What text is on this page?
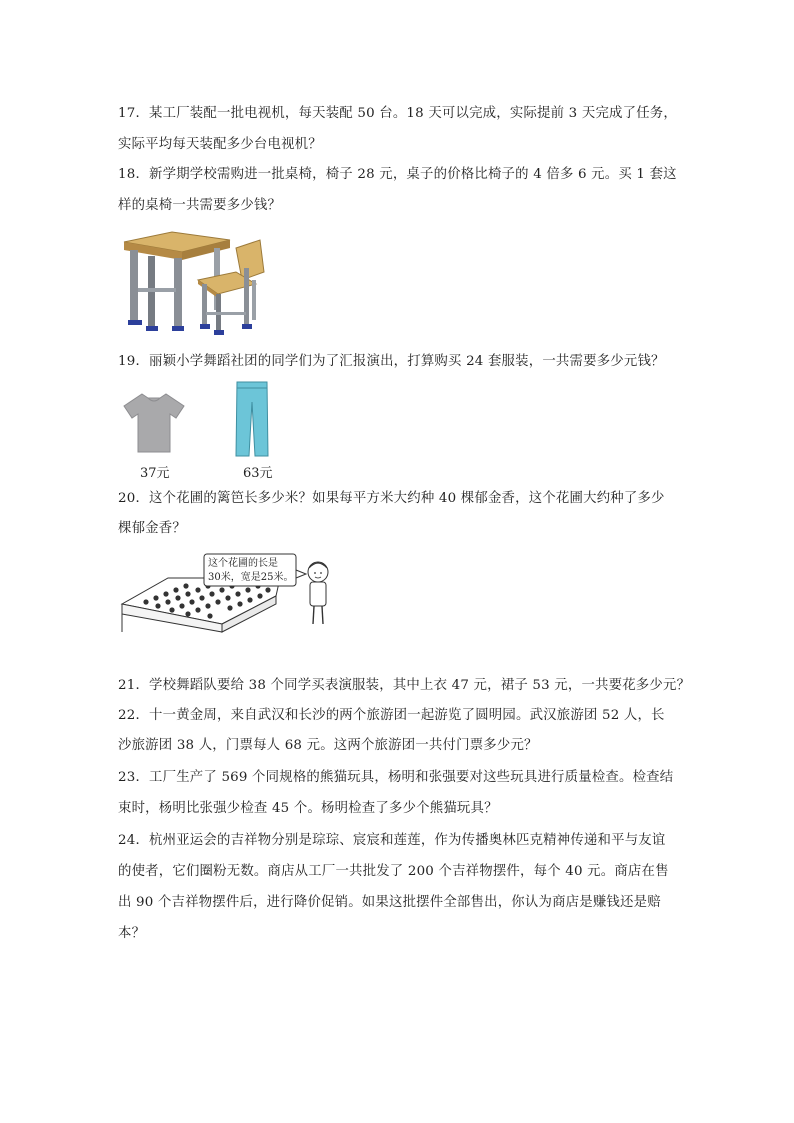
17．某工厂装配一批电视机，每天装配 50 台。18 天可以完成，实际提前 3 天完成了任务，
实际平均每天装配多少台电视机？
18．新学期学校需购进一批桌椅，椅子 28 元，桌子的价格比椅子的 4 倍多 6 元。买 1 套这
样的桌椅一共需要多少钱？
19．丽颖小学舞蹈社团的同学们为了汇报演出，打算购买 24 套服装，一共需要多少元钱？
37元	63元
20．这个花圃的篱笆长多少米？如果每平方米大约种 40 棵郁金香，这个花圃大约种了多少
棵郁金香？
这个花圃的长是
30米，宽是25米。
21．学校舞蹈队要给 38 个同学买表演服装，其中上衣 47 元，裙子 53 元，一共要花多少元？
22．十一黄金周，来自武汉和长沙的两个旅游团一起游览了圆明园。武汉旅游团 52 人，长
沙旅游团 38 人，门票每人 68 元。这两个旅游团一共付门票多少元？
23．工厂生产了 569 个同规格的熊猫玩具，杨明和张强要对这些玩具进行质量检查。检查结
束时，杨明比张强少检查 45 个。杨明检查了多少个熊猫玩具？
24．杭州亚运会的吉祥物分别是琮琮、宸宸和莲莲，作为传播奥林匹克精神传递和平与友谊
的使者，它们圈粉无数。商店从工厂一共批发了 200 个吉祥物摆件，每个 40 元。商店在售
出 90 个吉祥物摆件后，进行降价促销。如果这批摆件全部售出，你认为商店是赚钱还是赔
本？
